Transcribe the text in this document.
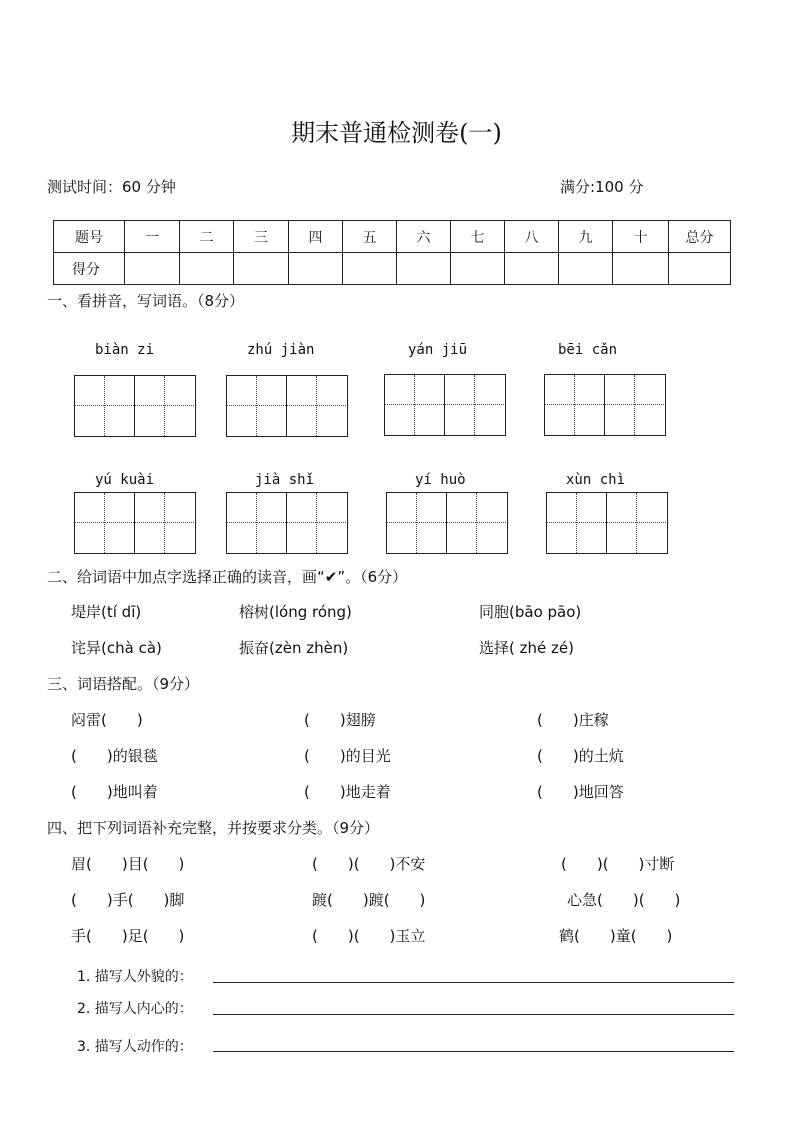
期末普通检测卷(一)
测试时间：60 分钟	满分:100 分
题号	一	二	三	四	五	六	七	八	九	十	总分
得分											
一、看拼音，写词语。（8分）
biàn zi	zhú jiàn	yán jiū	bēi cǎn
yú kuài	jià shǐ	yí huò	xùn chì
二、给词语中加点字选择正确的读音，画“✔”。（6分）
堤岸(tí dī)	榕树(lóng róng)	同胞(bāo pāo)
诧异(chà cà)	振奋(zèn zhèn)	选择( zhé zé)
三、词语搭配。（9分）
闷雷(　　)	(　　)翅膀	(　　)庄稼
(　　)的银毯	(　　)的目光	(　　)的土炕
(　　)地叫着	(　　)地走着	(　　)地回答
四、把下列词语补充完整，并按要求分类。（9分）
眉(　　)目(　　)	(　　)(　　)不安	(　　)(　　)寸断
(　　)手(　　)脚	踱(　　)踱(　　)	心急(　　)(　　)
手(　　)足(　　)	(　　)(　　)玉立	鹤(　　)童(　　)
1. 描写人外貌的：
2. 描写人内心的：
3. 描写人动作的：
